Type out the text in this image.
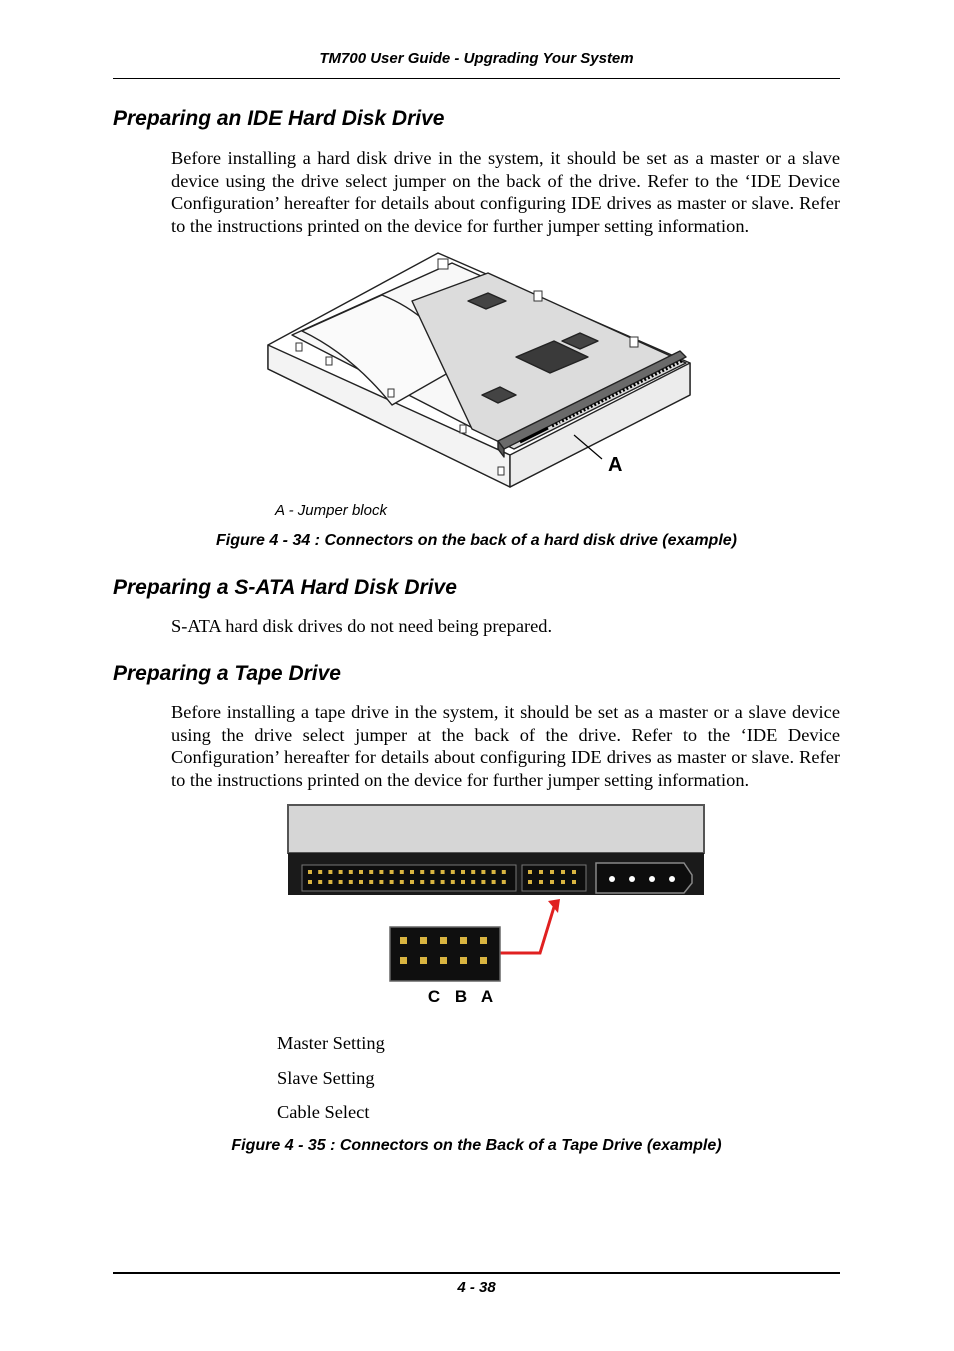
TM700 User Guide - Upgrading Your System
Preparing an IDE Hard Disk Drive
Before installing a hard disk drive in the system, it should be set as a master or a slave device using the drive select jumper on the back of the drive. Refer to the ‘IDE Device Configuration’ hereafter for details about configuring IDE drives as master or slave. Refer to the instructions printed on the device for further jumper setting information.
A
A - Jumper block
Figure 4 - 34 : Connectors on the back of a hard disk drive (example)
Preparing a S-ATA Hard Disk Drive
S-ATA hard disk drives do not need being prepared.
Preparing a Tape Drive
Before installing a tape drive in the system, it should be set as a master or a slave device using the drive select jumper at the back of the drive. Refer to the ‘IDE Device Configuration’ hereafter for details about configuring IDE drives as master or slave. Refer to the instructions printed on the device for further jumper setting information.
C B A
Master Setting
Slave Setting
Cable Select
Figure 4 - 35 : Connectors on the Back of a Tape Drive (example)
4 - 38
